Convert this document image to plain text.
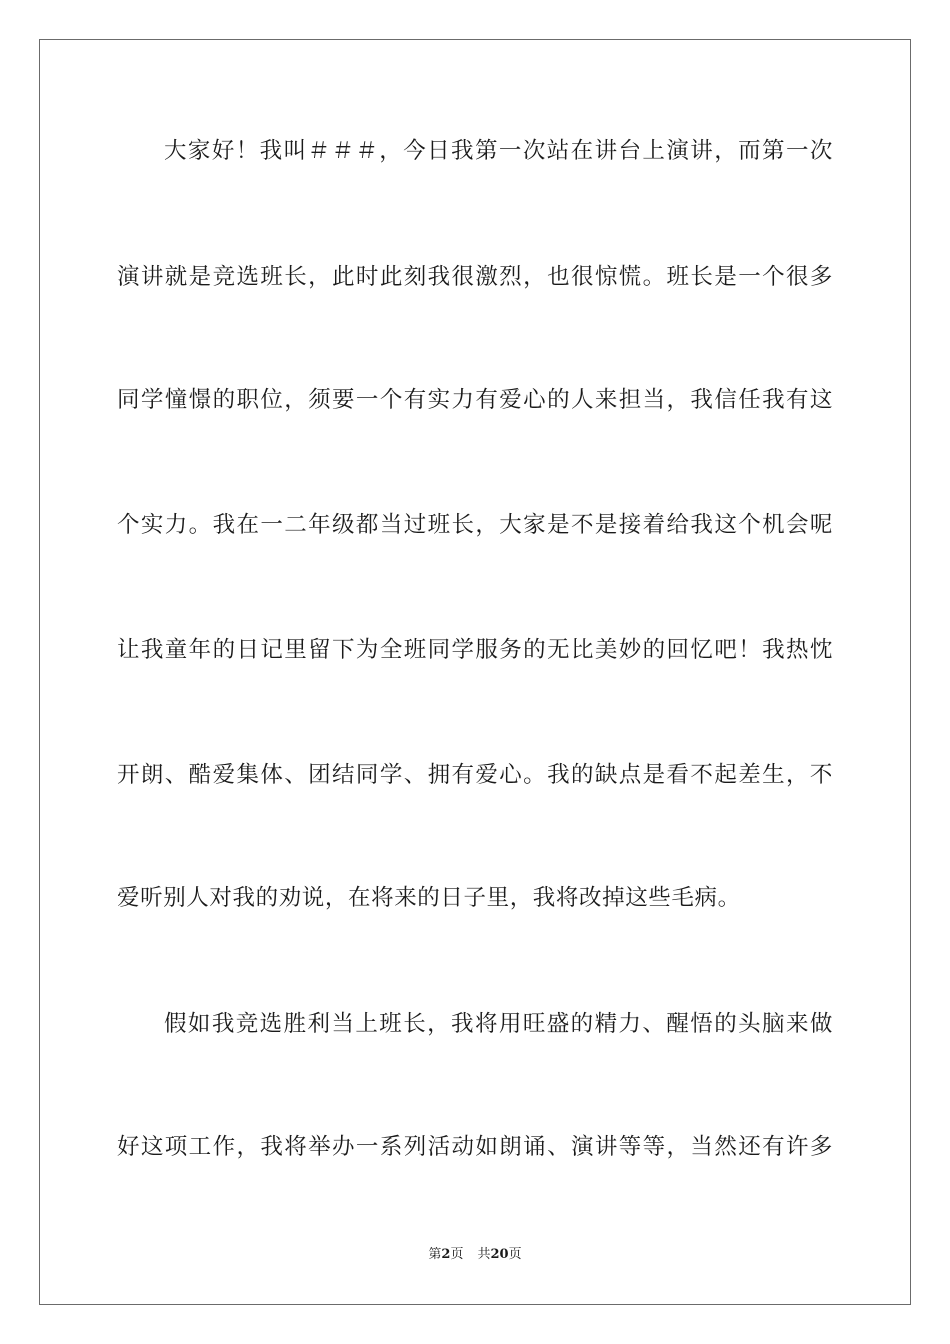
大家好！我叫＃＃＃，今日我第一次站在讲台上演讲，而第一次
演讲就是竞选班长，此时此刻我很激烈，也很惊慌。班长是一个很多
同学憧憬的职位，须要一个有实力有爱心的人来担当，我信任我有这
个实力。我在一二年级都当过班长，大家是不是接着给我这个机会呢
让我童年的日记里留下为全班同学服务的无比美妙的回忆吧！我热忱
开朗、酷爱集体、团结同学、拥有爱心。我的缺点是看不起差生，不
爱听别人对我的劝说，在将来的日子里，我将改掉这些毛病。
假如我竞选胜利当上班长，我将用旺盛的精力、醒悟的头脑来做
好这项工作，我将举办一系列活动如朗诵、演讲等等，当然还有许多
第2页 共20页
